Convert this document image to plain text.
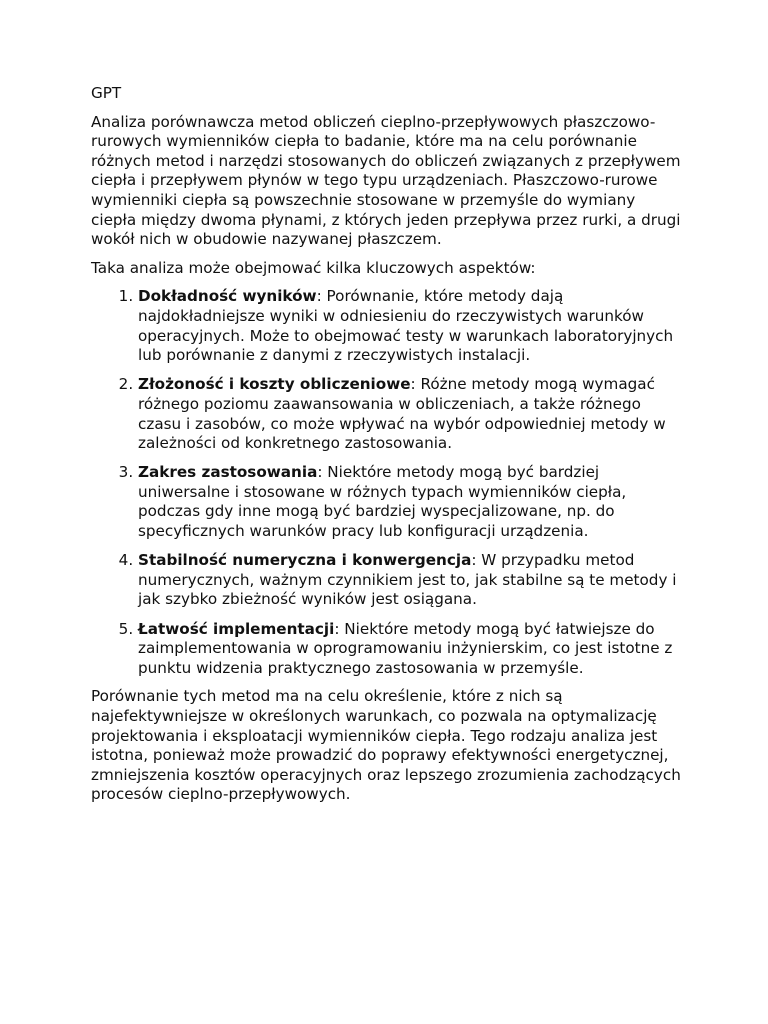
GPT

Analiza porównawcza metod obliczeń cieplno-przepływowych płaszczowo-rurowych wymienników ciepła to badanie, które ma na celu porównanie różnych metod i narzędzi stosowanych do obliczeń związanych z przepływem ciepła i przepływem płynów w tego typu urządzeniach. Płaszczowo-rurowe wymienniki ciepła są powszechnie stosowane w przemyśle do wymiany ciepła między dwoma płynami, z których jeden przepływa przez rurki, a drugi wokół nich w obudowie nazywanej płaszczem.

Taka analiza może obejmować kilka kluczowych aspektów:

1. Dokładność wyników: Porównanie, które metody dają najdokładniejsze wyniki w odniesieniu do rzeczywistych warunków operacyjnych. Może to obejmować testy w warunkach laboratoryjnych lub porównanie z danymi z rzeczywistych instalacji.
2. Złożoność i koszty obliczeniowe: Różne metody mogą wymagać różnego poziomu zaawansowania w obliczeniach, a także różnego czasu i zasobów, co może wpływać na wybór odpowiedniej metody w zależności od konkretnego zastosowania.
3. Zakres zastosowania: Niektóre metody mogą być bardziej uniwersalne i stosowane w różnych typach wymienników ciepła, podczas gdy inne mogą być bardziej wyspecjalizowane, np. do specyficznych warunków pracy lub konfiguracji urządzenia.
4. Stabilność numeryczna i konwergencja: W przypadku metod numerycznych, ważnym czynnikiem jest to, jak stabilne są te metody i jak szybko zbieżność wyników jest osiągana.
5. Łatwość implementacji: Niektóre metody mogą być łatwiejsze do zaimplementowania w oprogramowaniu inżynierskim, co jest istotne z punktu widzenia praktycznego zastosowania w przemyśle.

Porównanie tych metod ma na celu określenie, które z nich są najefektywniejsze w określonych warunkach, co pozwala na optymalizację projektowania i eksploatacji wymienników ciepła. Tego rodzaju analiza jest istotna, ponieważ może prowadzić do poprawy efektywności energetycznej, zmniejszenia kosztów operacyjnych oraz lepszego zrozumienia zachodzących procesów cieplno-przepływowych.
